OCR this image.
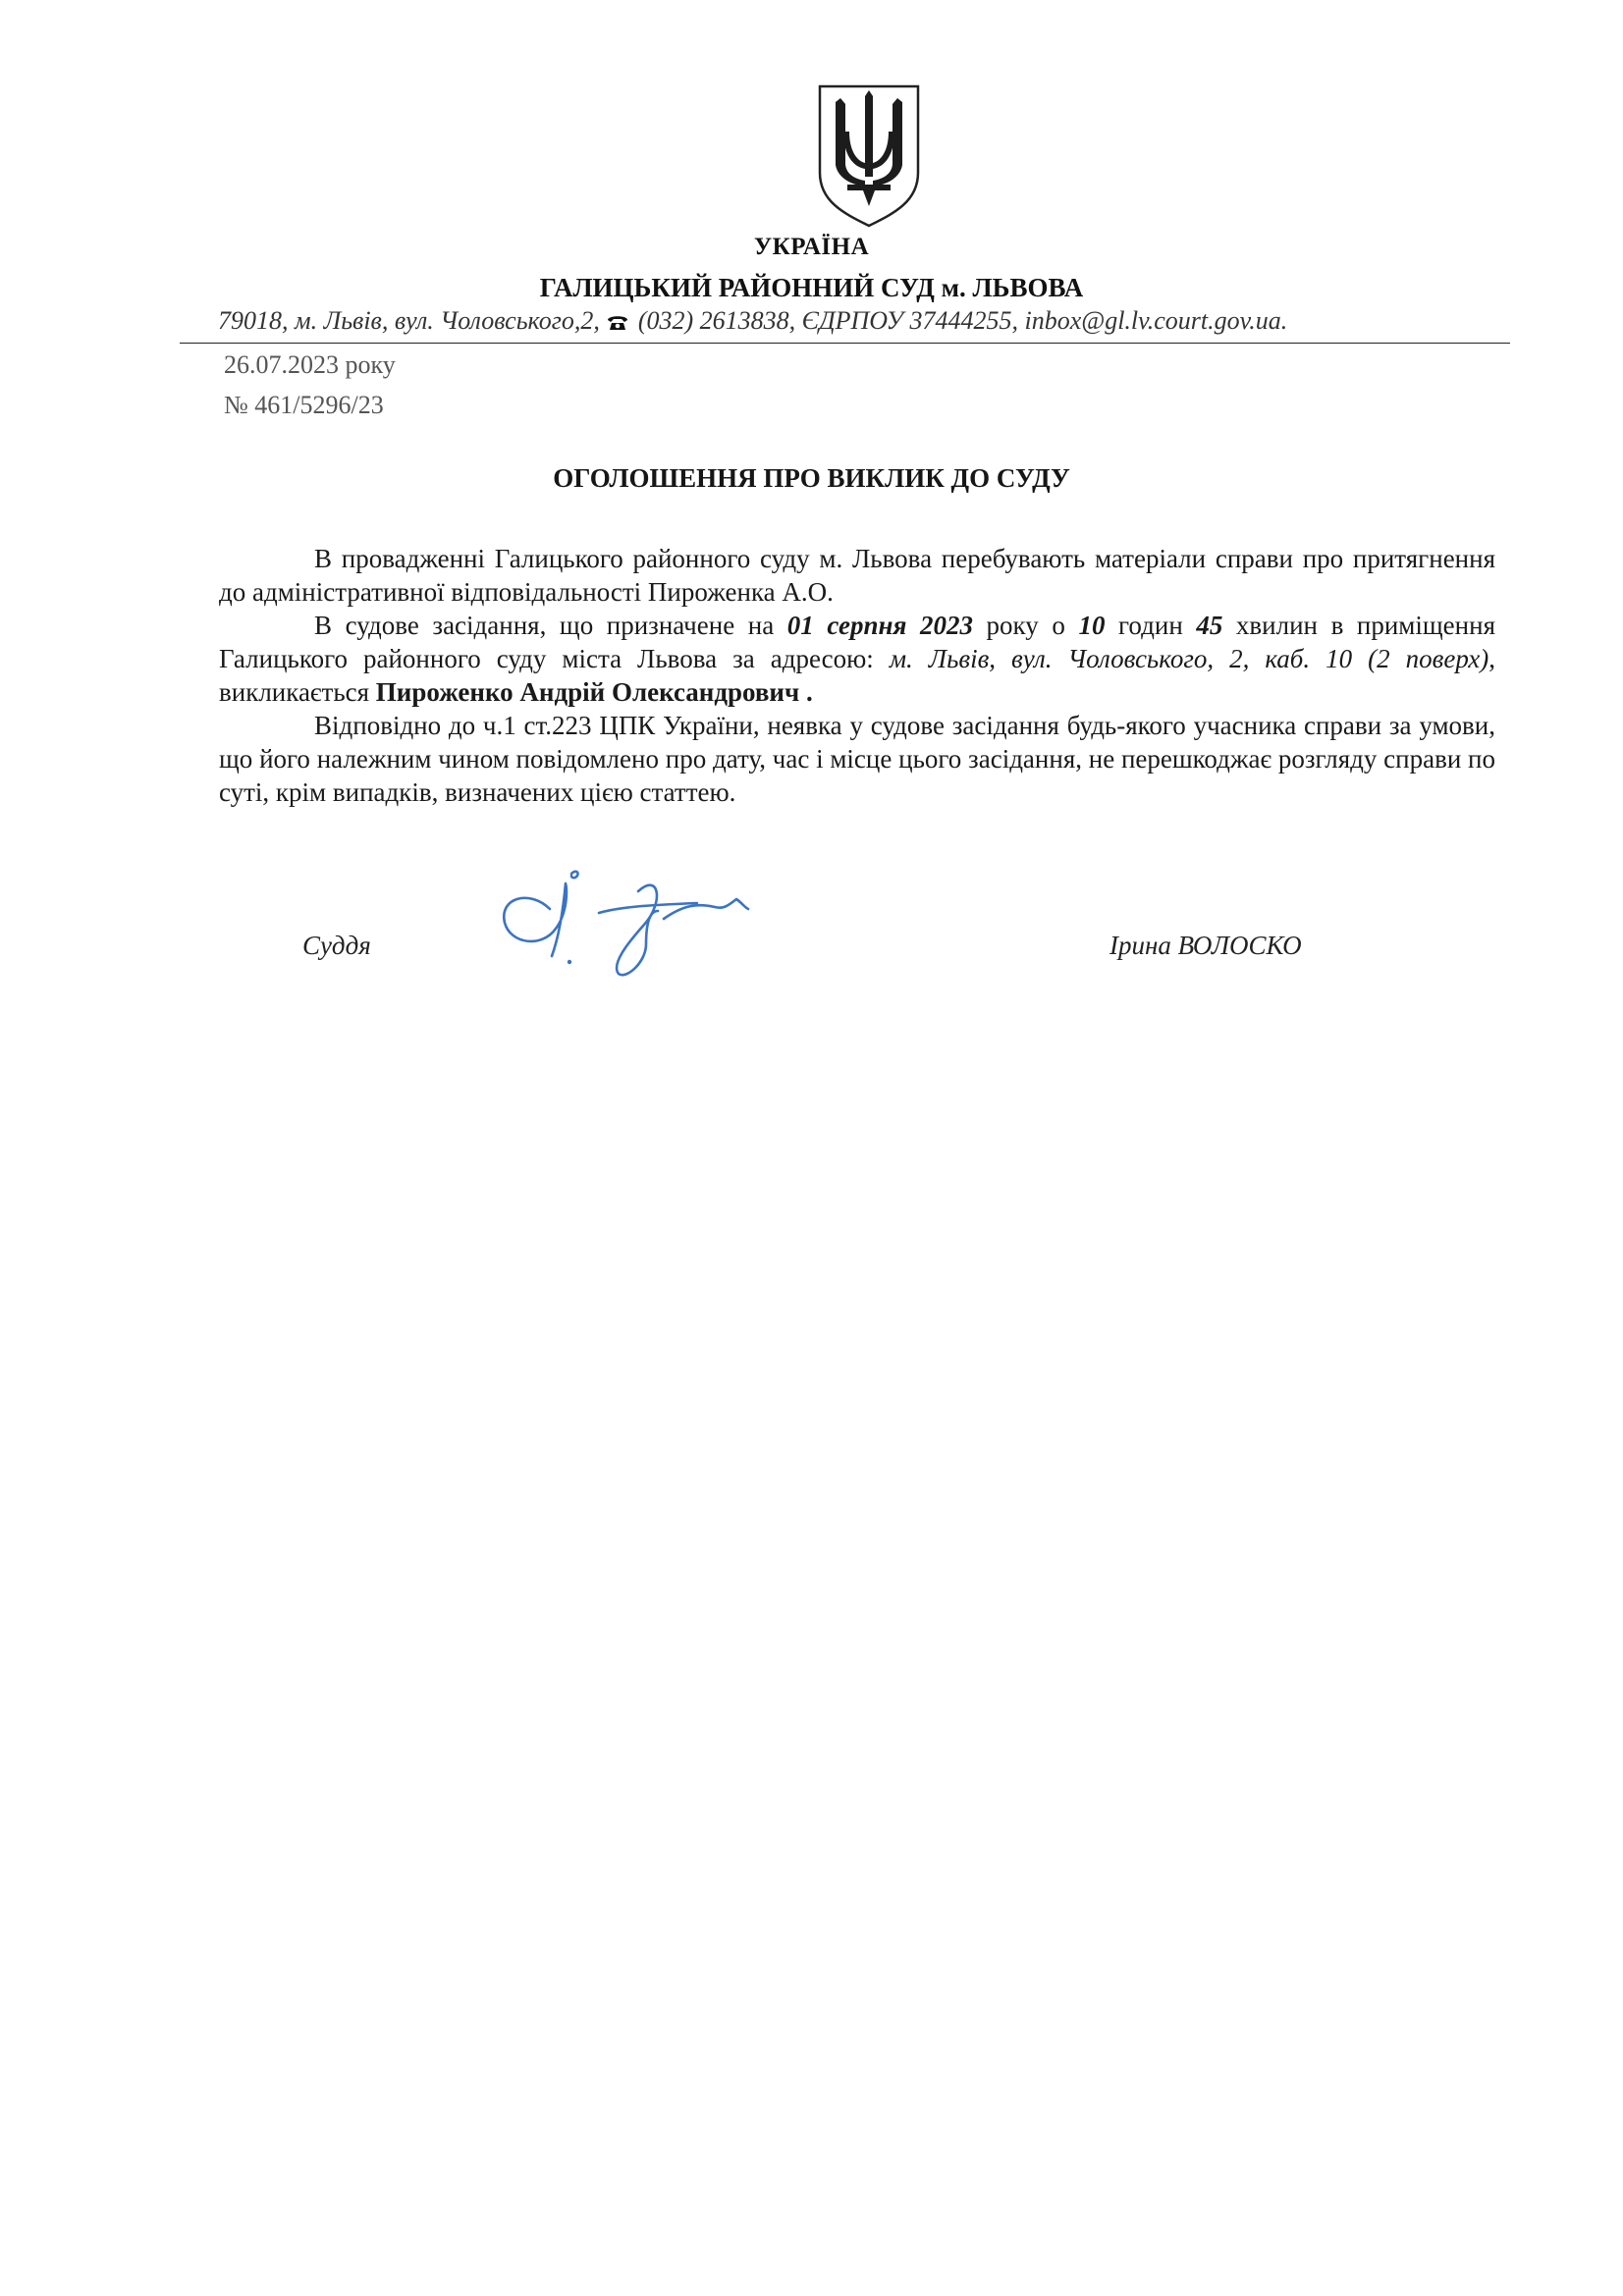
УКРАЇНА
ГАЛИЦЬКИЙ РАЙОННИЙ СУД м. ЛЬВОВА
79018, м. Львів, вул. Чоловського,2,  (032) 2613838, ЄДРПОУ 37444255, inbox@gl.lv.court.gov.ua.
26.07.2023 року
№ 461/5296/23
ОГОЛОШЕННЯ ПРО ВИКЛИК ДО СУДУ

В провадженні Галицького районного суду м. Львова перебувають матеріали справи про притягнення до адміністративної відповідальності Пироженка А.О.

В судове засідання, що призначене на 01 серпня 2023 року о 10 годин 45 хвилин в приміщення Галицького районного суду міста Львова за адресою: м. Львів, вул. Чоловського, 2, каб. 10 (2 поверх), викликається Пироженко Андрій Олександрович .

Відповідно до ч.1 ст.223 ЦПК України, неявка у судове засідання будь-якого учасника справи за умови, що його належним чином повідомлено про дату, час і місце цього засідання, не перешкоджає розгляду справи по суті, крім випадків, визначених цією статтею.

Суддя	Ірина ВОЛОСКО
